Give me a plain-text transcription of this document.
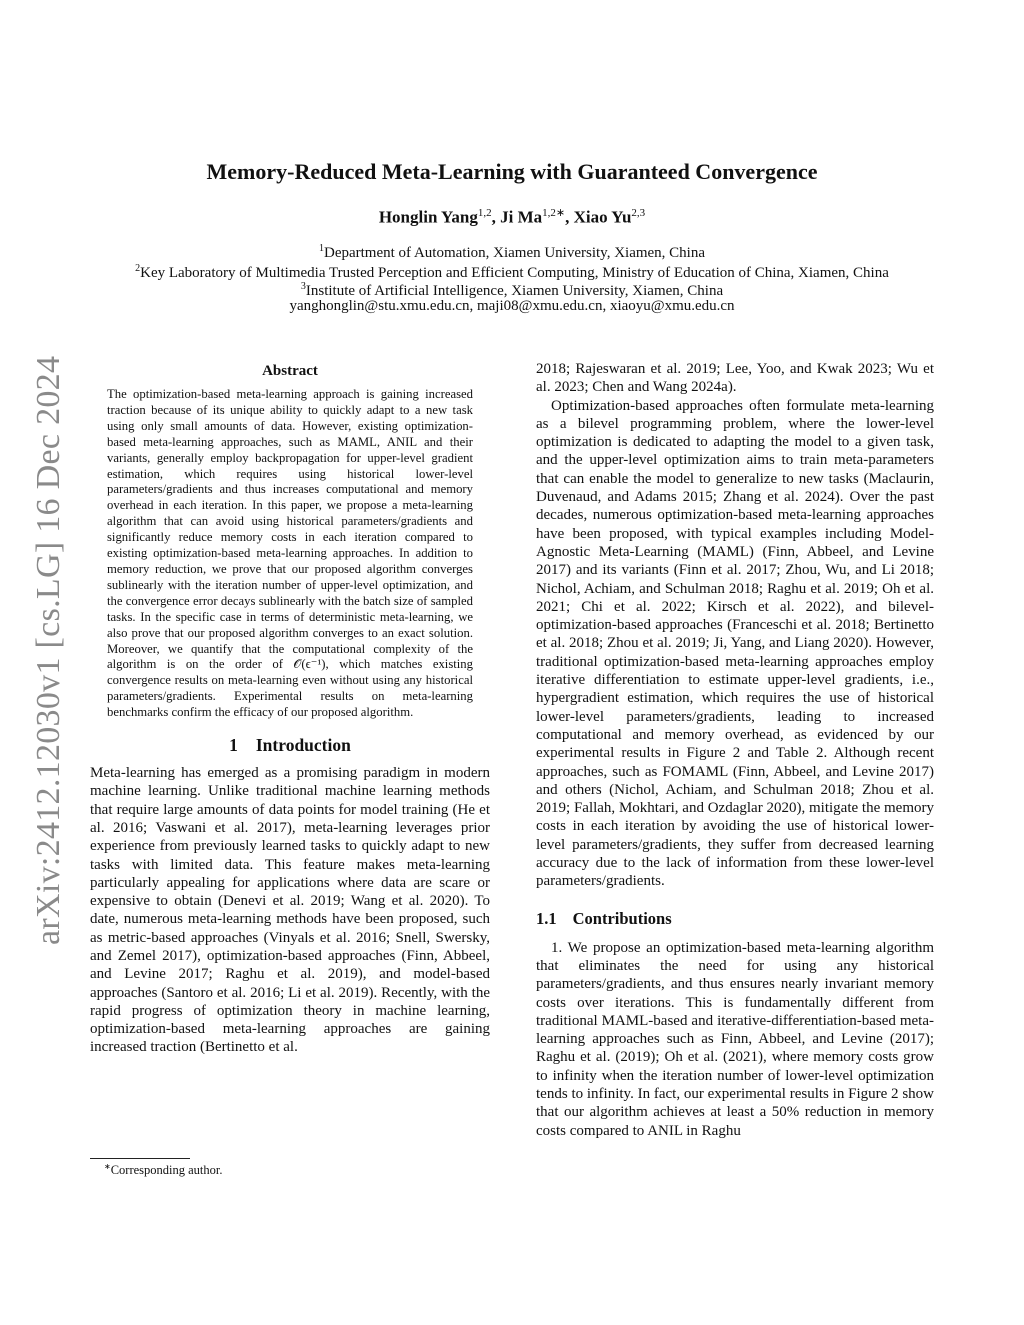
arXiv:2412.12030v1 [cs.LG] 16 Dec 2024
Memory-Reduced Meta-Learning with Guaranteed Convergence
Honglin Yang$^{1,2}$, Ji $Ma^{1,2∗}$, Xiao Yu$^{2,3}$
$^1$Department of Automation, Xiamen University, Xiamen, China
$^2$Key Laboratory of Multimedia Trusted Perception and Efficient Computing, Ministry of Education of China, Xiamen, China
$^3$Institute of Artificial Intelligence, Xiamen University, Xiamen, China
yanghonglin@stu.xmu.edu.cn, maji08@xmu.edu.cn, xiaoyu@xmu.edu.cn
Abstract

The optimization-based meta-learning approach is gaining increased traction because of its unique ability to quickly adapt to a new task using only small amounts of data. However, existing optimization-based meta-learning approaches, such as MAML, ANIL and their variants, generally employ backpropagation for upper-level gradient estimation, which requires using historical lower-level parameters/gradients and thus increases computational and memory overhead in each iteration. In this paper, we propose a meta-learning algorithm that can avoid using historical parameters/gradients and significantly reduce memory costs in each iteration compared to existing optimization-based meta-learning approaches. In addition to memory reduction, we prove that our proposed algorithm converges sublinearly with the iteration number of upper-level optimization, and the convergence error decays sublinearly with the batch size of sampled tasks. In the specific case in terms of deterministic meta-learning, we also prove that our proposed algorithm converges to an exact solution. Moreover, we quantify that the computational complexity of the algorithm is on the order of 𝒪(ϵ⁻¹), which matches existing convergence results on meta-learning even without using any historical parameters/gradients. Experimental results on meta-learning benchmarks confirm the efficacy of our proposed algorithm.

1 Introduction

Meta-learning has emerged as a promising paradigm in modern machine learning. Unlike traditional machine learning methods that require large amounts of data points for model training (He et al. 2016; Vaswani et al. 2017), meta-learning leverages prior experience from previously learned tasks to quickly adapt to new tasks with limited data. This feature makes meta-learning particularly appealing for applications where data are scare or expensive to obtain (Denevi et al. 2019; Wang et al. 2020). To date, numerous meta-learning methods have been proposed, such as metric-based approaches (Vinyals et al. 2016; Snell, Swersky, and Zemel 2017), optimization-based approaches (Finn, Abbeel, and Levine 2017; Raghu et al. 2019), and model-based approaches (Santoro et al. 2016; Li et al. 2019). Recently, with the rapid progress of optimization theory in machine learning, optimization-based meta-learning approaches are gaining increased traction (Bertinetto et al.

2018; Rajeswaran et al. 2019; Lee, Yoo, and Kwak 2023; Wu et al. 2023; Chen and Wang 2024a).

Optimization-based approaches often formulate meta-learning as a bilevel programming problem, where the lower-level optimization is dedicated to adapting the model to a given task, and the upper-level optimization aims to train meta-parameters that can enable the model to generalize to new tasks (Maclaurin, Duvenaud, and Adams 2015; Zhang et al. 2024). Over the past decades, numerous optimization-based meta-learning approaches have been proposed, with typical examples including Model-Agnostic Meta-Learning (MAML) (Finn, Abbeel, and Levine 2017) and its variants (Finn et al. 2017; Zhou, Wu, and Li 2018; Nichol, Achiam, and Schulman 2018; Raghu et al. 2019; Oh et al. 2021; Chi et al. 2022; Kirsch et al. 2022), and bilevel-optimization-based approaches (Franceschi et al. 2018; Bertinetto et al. 2018; Zhou et al. 2019; Ji, Yang, and Liang 2020). However, traditional optimization-based meta-learning approaches employ iterative differentiation to estimate upper-level gradients, i.e., hypergradient estimation, which requires the use of historical lower-level parameters/gradients, leading to increased computational and memory overhead, as evidenced by our experimental results in Figure 2 and Table 2. Although recent approaches, such as FOMAML (Finn, Abbeel, and Levine 2017) and others (Nichol, Achiam, and Schulman 2018; Zhou et al. 2019; Fallah, Mokhtari, and Ozdaglar 2020), mitigate the memory costs in each iteration by avoiding the use of historical lower-level parameters/gradients, they suffer from decreased learning accuracy due to the lack of information from these lower-level parameters/gradients.

1.1 Contributions

1. We propose an optimization-based meta-learning algorithm that eliminates the need for using any historical parameters/gradients, and thus ensures nearly invariant memory costs over iterations. This is fundamentally different from traditional MAML-based and iterative-differentiation-based meta-learning approaches such as Finn, Abbeel, and Levine (2017); Raghu et al. (2019); Oh et al. (2021), where memory costs grow to infinity when the iteration number of lower-level optimization tends to infinity. In fact, our experimental results in Figure 2 show that our algorithm achieves at least a 50% reduction in memory costs compared to ANIL in Raghu

∗Corresponding author.
